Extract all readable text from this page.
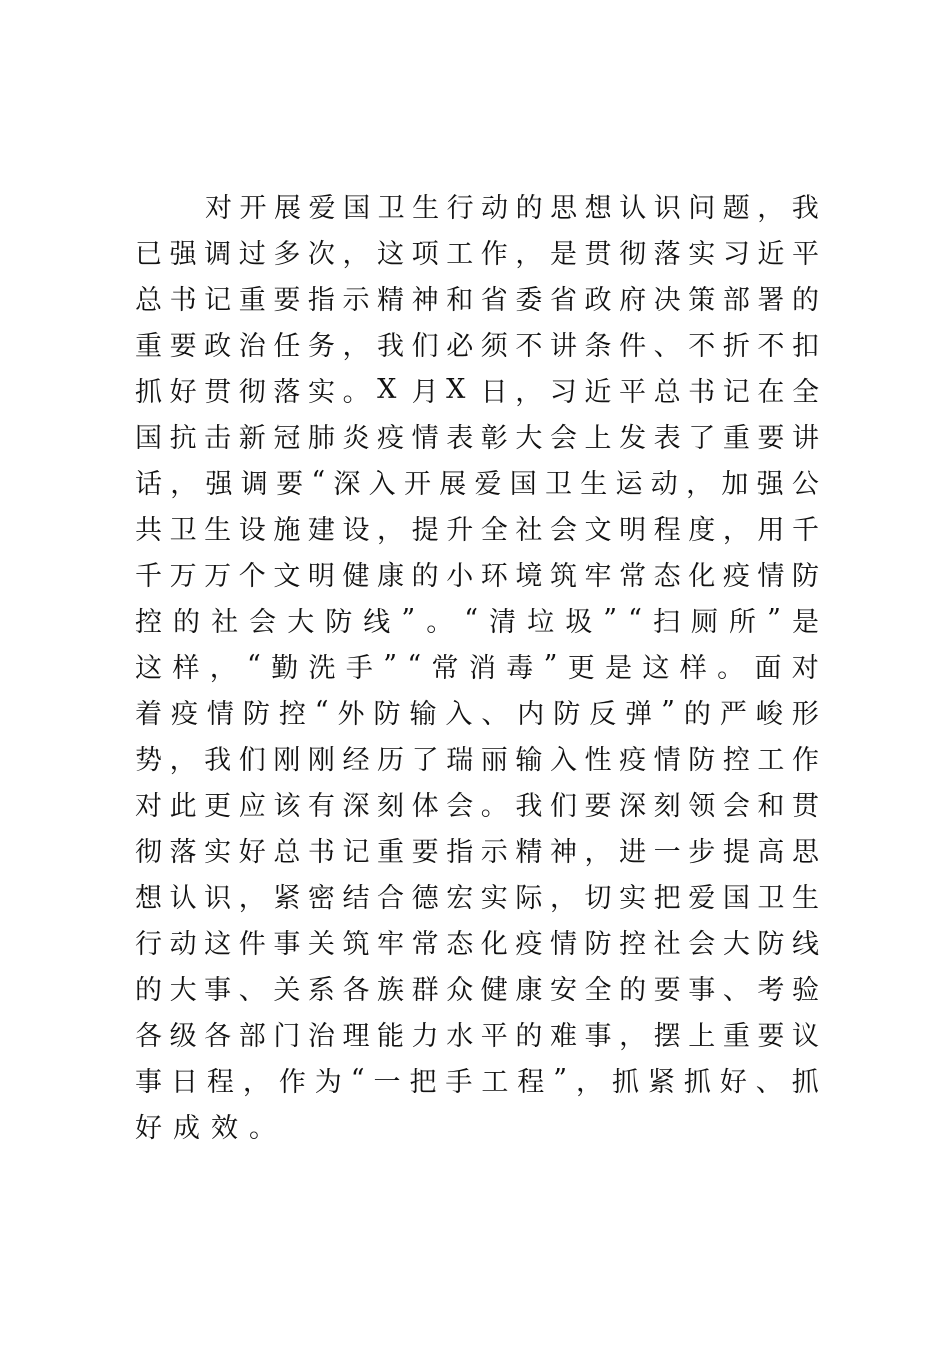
对 开 展 爱 国 卫 生 行 动 的 思 想 认 识 问 题 ， 我
已 强 调 过 多 次 ， 这 项 工 作 ， 是 贯 彻 落 实 习 近 平
总 书 记 重 要 指 示 精 神 和 省 委 省 政 府 决 策 部 署 的
重 要 政 治 任 务 ， 我 们 必 须 不 讲 条 件 、 不 折 不 扣
抓 好 贯 彻 落 实 。 X 月 X 日 ， 习 近 平 总 书 记 在 全
国 抗 击 新 冠 肺 炎 疫 情 表 彰 大 会 上 发 表 了 重 要 讲
话 ， 强 调 要 “ 深 入 开 展 爱 国 卫 生 运 动 ， 加 强 公
共 卫 生 设 施 建 设 ， 提 升 全 社 会 文 明 程 度 ， 用 千
千 万 万 个 文 明 健 康 的 小 环 境 筑 牢 常 态 化 疫 情 防
控 的 社 会 大 防 线 ” 。 “ 清 垃 圾 ” “ 扫 厕 所 ” 是
这 样 ， “ 勤 洗 手 ” “ 常 消 毒 ” 更 是 这 样 。 面 对
着 疫 情 防 控 “ 外 防 输 入 、 内 防 反 弹 ” 的 严 峻 形
势 ， 我 们 刚 刚 经 历 了 瑞 丽 输 入 性 疫 情 防 控 工 作
对 此 更 应 该 有 深 刻 体 会 。 我 们 要 深 刻 领 会 和 贯
彻 落 实 好 总 书 记 重 要 指 示 精 神 ， 进 一 步 提 高 思
想 认 识 ， 紧 密 结 合 德 宏 实 际 ， 切 实 把 爱 国 卫 生
行 动 这 件 事 关 筑 牢 常 态 化 疫 情 防 控 社 会 大 防 线
的 大 事 、 关 系 各 族 群 众 健 康 安 全 的 要 事 、 考 验
各 级 各 部 门 治 理 能 力 水 平 的 难 事 ， 摆 上 重 要 议
事 日 程 ， 作 为 “ 一 把 手 工 程 ” ， 抓 紧 抓 好 、 抓
好 成 效 。
